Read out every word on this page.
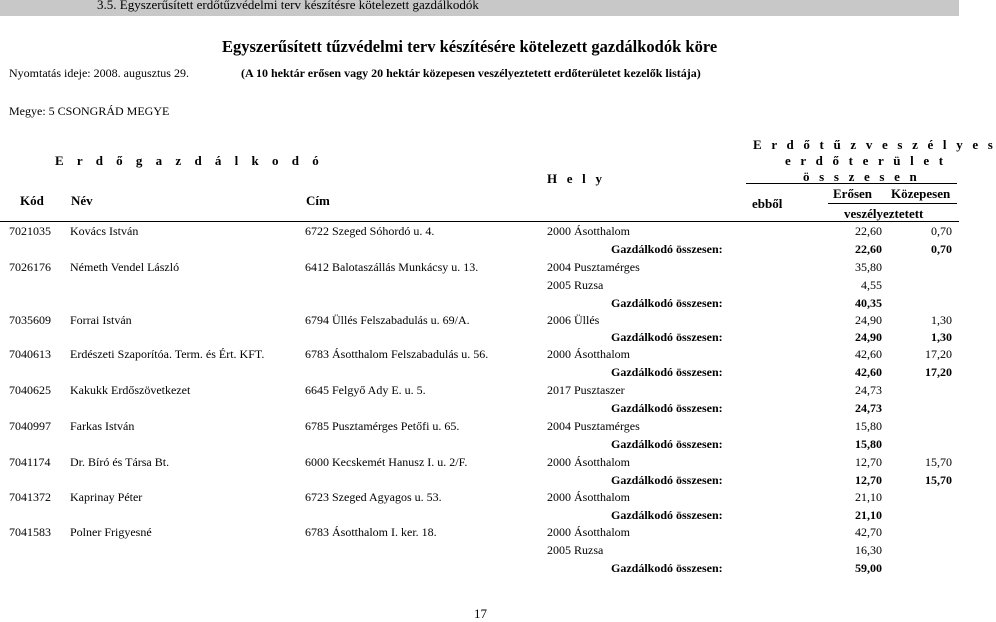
3.5. Egyszerűsített erdőtűzvédelmi terv készítésre kötelezett gazdálkodók
Egyszerűsített tűzvédelmi terv készítésére kötelezett gazdálkodók köre
Nyomtatás ideje: 2008. augusztus 29.	(A 10 hektár erősen vagy 20 hektár közepesen veszélyeztetett erdőterületet kezelők listája)
Megye: 5 CSONGRÁD MEGYE
E r d ő g a z d á l k o d ó
H e l y
E r d ő t ű z v e s z é l y e s
e r d ő t e r ü l e t
ö s s z e s e n
Kód Név	Cím	ebből
Erősen Közepesen
veszélyeztetett
7021035 Kovács István	6722 Szeged Sóhordó u. 4.	2000 Ásotthalom	22,60	0,70
Gazdálkodó összesen:	22,60	0,70
7026176 Németh Vendel László	6412 Balotaszállás Munkácsy u. 13.	2004 Pusztamérges	35,80
2005 Ruzsa	4,55
Gazdálkodó összesen:	40,35
7035609 Forrai István	6794 Üllés Felszabadulás u. 69/A.	2006 Üllés	24,90	1,30
Gazdálkodó összesen:	24,90	1,30
7040613 Erdészeti Szaporítóa. Term. és Ért. KFT.	6783 Ásotthalom Felszabadulás u. 56.	2000 Ásotthalom	42,60	17,20
Gazdálkodó összesen:	42,60	17,20
7040625 Kakukk Erdőszövetkezet	6645 Felgyő Ady E. u. 5.	2017 Pusztaszer	24,73
Gazdálkodó összesen:	24,73
7040997 Farkas István	6785 Pusztamérges Petőfi u. 65.	2004 Pusztamérges	15,80
Gazdálkodó összesen:	15,80
7041174 Dr. Bíró és Társa Bt.	6000 Kecskemét Hanusz I. u. 2/F.	2000 Ásotthalom	12,70	15,70
Gazdálkodó összesen:	12,70	15,70
7041372 Kaprinay Péter	6723 Szeged Agyagos u. 53.	2000 Ásotthalom	21,10
Gazdálkodó összesen:	21,10
7041583 Polner Frigyesné	6783 Ásotthalom I. ker. 18.	2000 Ásotthalom	42,70
2005 Ruzsa	16,30
Gazdálkodó összesen:	59,00
17
